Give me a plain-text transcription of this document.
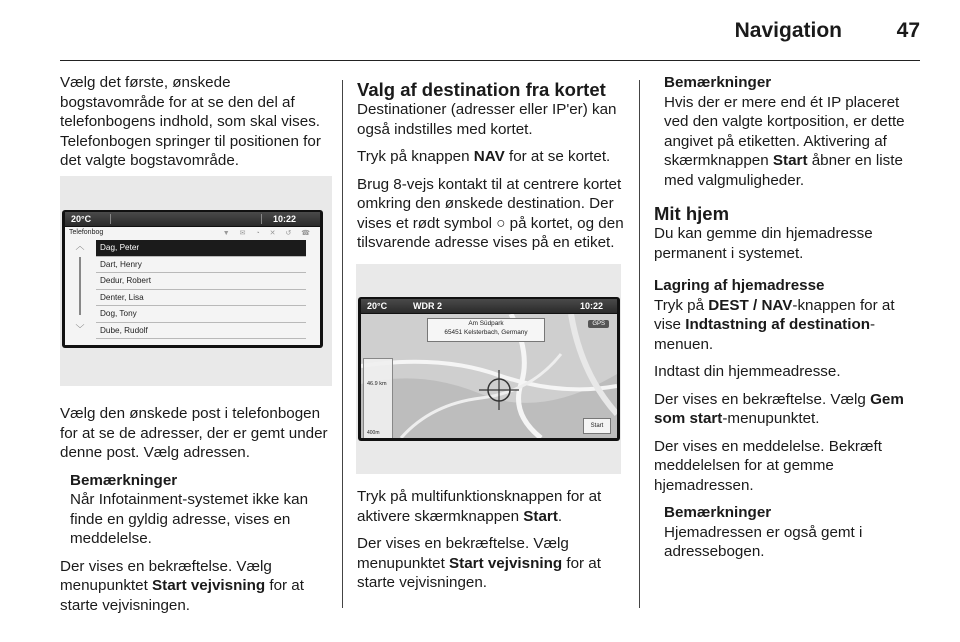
Navigation	47

Vælg det første, ønskede bogstavområde for at se den del af telefonbogens indhold, som skal vises. Telefonbogen springer til positionen for det valgte bogstavområde.

20°C	10:22
Telefonbog	▼ ✉ ◔ ✕ ↺ ☎
︿
﹀
Dag, Peter
Dart, Henry
Dedur, Robert
Denter, Lisa
Dog, Tony
Dube, Rudolf

Vælg den ønskede post i telefonbogen for at se de adresser, der er gemt under denne post. Vælg adressen.

Bemærkninger

Når Infotainment-systemet ikke kan finde en gyldig adresse, vises en meddelelse.

Der vises en bekræftelse. Vælg menupunktet Start vejvisning for at starte vejvisningen.

Valg af destination fra kortet

Destinationer (adresser eller IP'er) kan også indstilles med kortet.

Tryk på knappen NAV for at se kortet.

Brug 8-vejs kontakt til at centrere kortet omkring den ønskede destination. Der vises et rødt symbol ○ på kortet, og den tilsvarende adresse vises på en etiket.

20°C	WDR 2	10:22
Am Südpark
65451 Kelsterbach, Germany
GPS
46.9 km
400m
Start

Tryk på multifunktionsknappen for at aktivere skærmknappen Start.

Der vises en bekræftelse. Vælg menupunktet Start vejvisning for at starte vejvisningen.

Bemærkninger

Hvis der er mere end ét IP placeret ved den valgte kortposition, er dette angivet på etiketten. Aktivering af skærmknappen Start åbner en liste med valgmuligheder.

Mit hjem

Du kan gemme din hjemadresse permanent i systemet.

Lagring af hjemadresse

Tryk på DEST / NAV-knappen for at vise Indtastning af destination-menuen.

Indtast din hjemmeadresse.

Der vises en bekræftelse. Vælg Gem som start-menupunktet.

Der vises en meddelelse. Bekræft meddelelsen for at gemme hjemadressen.

Bemærkninger

Hjemadressen er også gemt i adressebogen.
